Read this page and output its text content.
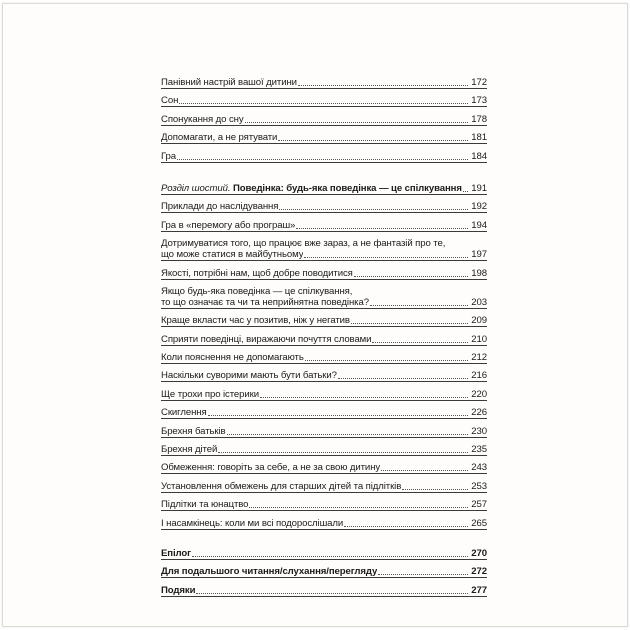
Панівний настрій вашої дитини	172
Сон	173
Спонукання до сну	178
Допомагати, а не рятувати	181
Гра	184
Розділ шостий. Поведінка: будь-яка поведінка — це спілкування 191
Приклади до наслідування	192
Гра в «перемогу або програш»	194
Дотримуватися того, що працює вже зараз, а не фантазій про те,
що може статися в майбутньому	197
Якості, потрібні нам, щоб добре поводитися	198
Якщо будь-яка поведінка — це спілкування,
то що означає та чи та неприйнятна поведінка?	203
Краще вкласти час у позитив, ніж у негатив	209
Сприяти поведінці, виражаючи почуття словами	210
Коли пояснення не допомагають	212
Наскільки суворими мають бути батьки?	216
Ще трохи про істерики	220
Скиглення	226
Брехня батьків	230
Брехня дітей	235
Обмеження: говоріть за себе, а не за свою дитину	243
Установлення обмежень для старших дітей та підлітків	253
Підлітки та юнацтво	257
І насамкінець: коли ми всі подорослішали	265
Епілог	270
Для подальшого читання/слухання/перегляду	272
Подяки	277
